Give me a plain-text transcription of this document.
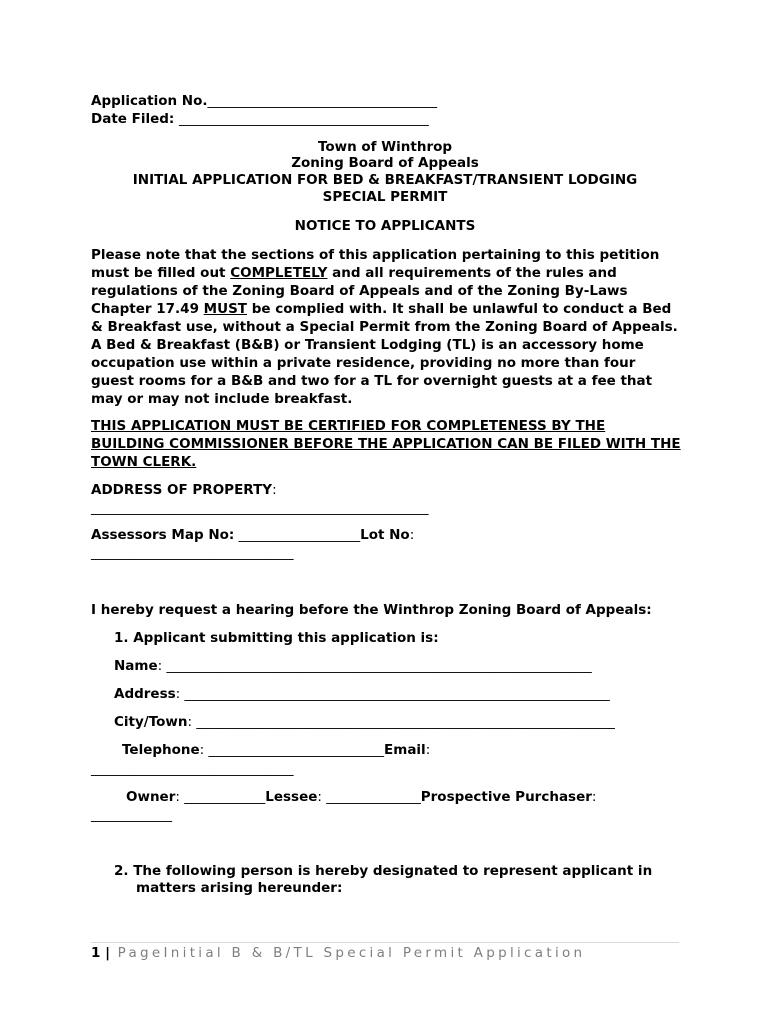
Application No.__________________________________
Date Filed: _____________________________________
Town of Winthrop
Zoning Board of Appeals
INITIAL APPLICATION FOR BED & BREAKFAST/TRANSIENT LODGING
SPECIAL PERMIT
NOTICE TO APPLICANTS

Please note that the sections of this application pertaining to this petition must be filled out COMPLETELY and all requirements of the rules and regulations of the Zoning Board of Appeals and of the Zoning By-Laws Chapter 17.49 MUST be complied with. It shall be unlawful to conduct a Bed & Breakfast use, without a Special Permit from the Zoning Board of Appeals. A Bed & Breakfast (B&B) or Transient Lodging (TL) is an accessory home occupation use within a private residence, providing no more than four guest rooms for a B&B and two for a TL for overnight guests at a fee that may or may not include breakfast.

THIS APPLICATION MUST BE CERTIFIED FOR COMPLETENESS BY THE BUILDING COMMISSIONER BEFORE THE APPLICATION CAN BE FILED WITH THE TOWN CLERK.

ADDRESS OF PROPERTY:
__________________________________________________
Assessors Map No: __________________Lot No:
______________________________
I hereby request a hearing before the Winthrop Zoning Board of Appeals:
1. Applicant submitting this application is:
Name: _______________________________________________________________
Address: _______________________________________________________________
City/Town: ______________________________________________________________
Telephone: __________________________Email:
______________________________
Owner: ____________Lessee: ______________Prospective Purchaser:
____________
2. The following person is hereby designated to represent applicant in
matters arising hereunder:
1 | PageInitial B & B/TL Special Permit Application
